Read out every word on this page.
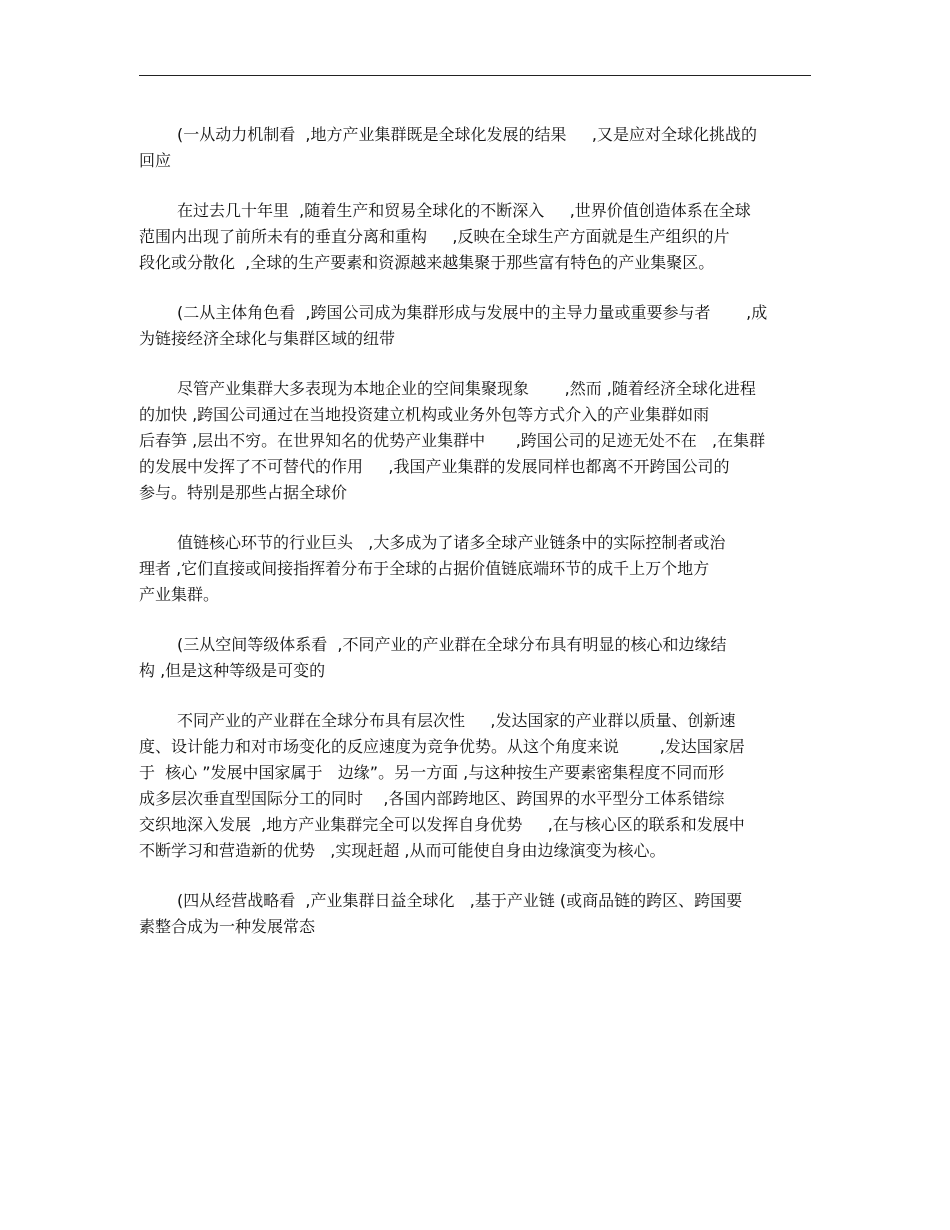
(一从动力机制看  ,地方产业集群既是全球化发展的结果     ,又是应对全球化挑战的
回应
在过去几十年里  ,随着生产和贸易全球化的不断深入     ,世界价值创造体系在全球
范围内出现了前所未有的垂直分离和重构     ,反映在全球生产方面就是生产组织的片
段化或分散化  ,全球的生产要素和资源越来越集聚于那些富有特色的产业集聚区。
(二从主体角色看  ,跨国公司成为集群形成与发展中的主导力量或重要参与者       ,成
为链接经济全球化与集群区域的纽带
尽管产业集群大多表现为本地企业的空间集聚现象       ,然而 ,随着经济全球化进程
的加快 ,跨国公司通过在当地投资建立机构或业务外包等方式介入的产业集群如雨
后春笋 ,层出不穷。在世界知名的优势产业集群中      ,跨国公司的足迹无处不在   ,在集群
的发展中发挥了不可替代的作用     ,我国产业集群的发展同样也都离不开跨国公司的
参与。特别是那些占据全球价
值链核心环节的行业巨头   ,大多成为了诸多全球产业链条中的实际控制者或治
理者 ,它们直接或间接指挥着分布于全球的占据价值链底端环节的成千上万个地方
产业集群。
(三从空间等级体系看  ,不同产业的产业群在全球分布具有明显的核心和边缘结
构 ,但是这种等级是可变的
不同产业的产业群在全球分布具有层次性     ,发达国家的产业群以质量、创新速
度、设计能力和对市场变化的反应速度为竞争优势。从这个角度来说        ,发达国家居
于  核心 ”发展中国家属于   边缘”。另一方面 ,与这种按生产要素密集程度不同而形
成多层次垂直型国际分工的同时    ,各国内部跨地区、跨国界的水平型分工体系错综
交织地深入发展  ,地方产业集群完全可以发挥自身优势     ,在与核心区的联系和发展中
不断学习和营造新的优势   ,实现赶超 ,从而可能使自身由边缘演变为核心。
(四从经营战略看  ,产业集群日益全球化   ,基于产业链 (或商品链的跨区、跨国要
素整合成为一种发展常态
